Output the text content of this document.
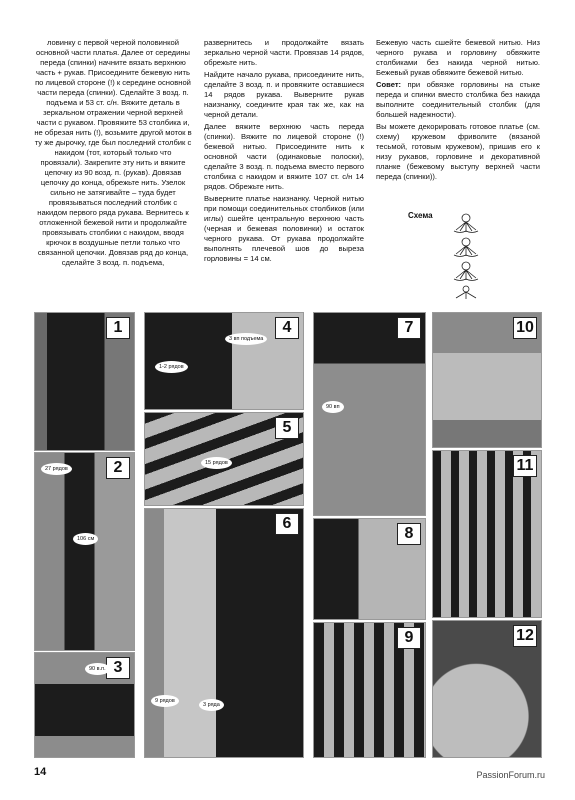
ловинку с первой черной половинкой основной части платья. Далее от середины переда (спинки) начните вязать верхнюю часть + рукав. Присоедините бежевую нить по лицевой стороне (!) к середине основной части переда (спинки). Сделайте 3 возд. п. подъема и 53 ст. с/н. Вяжите деталь в зеркальном отражении черной верхней части с рукавом. Провяжите 53 столбика и, не обрезая нить (!), возьмите другой моток в ту же дырочку, где был последний столбик с накидом (тот, который только что провязали). Закрепите эту нить и вяжите цепочку из 90 возд. п. (рукав). Довязав цепочку до конца, обрежьте нить. Узелок сильно не затягивайте – туда будет провязываться последний столбик с накидом первого ряда рукава. Вернитесь к отложенной бежевой нити и продолжайте провязывать столбики с накидом, вводя крючок в воздушные петли только что связанной цепочки. Довязав ряд до конца, сделайте 3 возд. п. подъема,

развернитесь и продолжайте вязать зеркально черной части. Провязав 14 рядов, обрежьте нить.

Найдите начало рукава, присоедините нить, сделайте 3 возд. п. и провяжите оставшиеся 14 рядов рукава. Выверните рукав наизнанку, соедините края так же, как на черной детали.

Далее вяжите верхнюю часть переда (спинки). Вяжите по лицевой стороне (!) бежевой нитью. Присоедините нить к основной части (одинаковые полоски), сделайте 3 возд. п. подъема вместо первого столбика с накидом и вяжите 107 ст. с/н 14 рядов. Обрежьте нить.

Выверните платье наизнанку. Черной нитью при помощи соединительных столбиков (или иглы) сшейте центральную верхнюю часть (черная и бежевая половинки) и остаток черного рукава. От рукава продолжайте выполнять плечевой шов до выреза горловины = 14 см.

Бежевую часть сшейте бежевой нитью. Низ черного рукава и горловину обвяжите столбиками без накида черной нитью. Бежевый рукав обвяжите бежевой нитью.

Совет: при обвязке горловины на стыке переда и спинки вместо столбика без накида выполните соединительный столбик (для большей надежности).

Вы можете декорировать готовое платье (см. схему) кружевом фриволите (вязаной тесьмой, готовым кружевом), пришив его к низу рукавов, горловине и декоративной планке (бежевому выступу верхней части переда (спинки)).

Схема
1
2
27 рядов
106 см
3
90 в.п.
4
1-2 рядов
3 вп подъема
5
15 рядов
6
9 рядов
3 ряда
7
90 вп
8
9
10
11
12
14	PassionForum.ru
